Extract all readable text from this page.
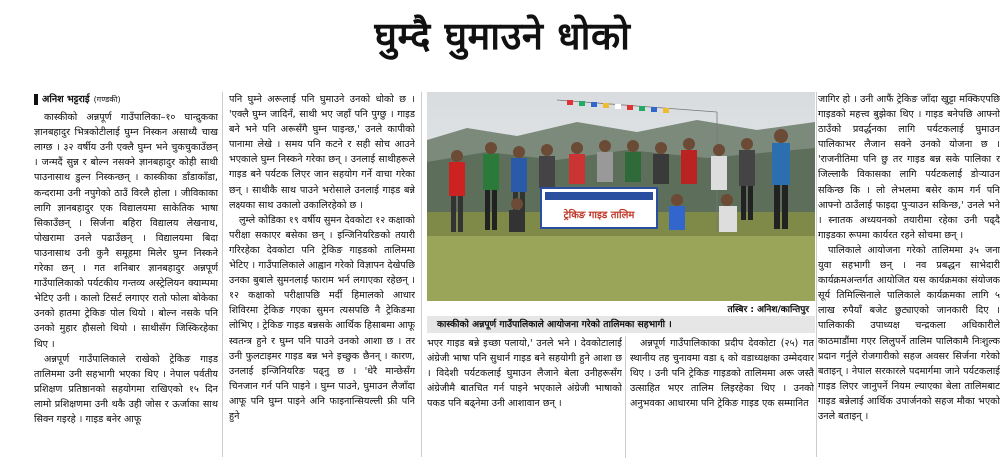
घुम्दै घुमाउने धोको
अनिश भट्टराई (गण्डकी)

कास्कीको अन्नपूर्ण गाउँपालिका–१० घान्द्रुकका ज्ञानबहादुर भित्रकोटीलाई घुम्न निस्कन असाध्यै चाख लाग्छ । ३२ वर्षीय उनी एक्लै घुम्न भने चुकचुकाउँछन् । जन्मदैं सुन्न र बोल्न नसक्ने ज्ञानबहादुर कोही साथी पाउनासाथ डुल्न निस्कन्छन् । कास्कीका डाँडाकाँडा, कन्दरामा उनी नपुगेको ठाउँ विरलै होला । जीविकाका लागि ज्ञानबहादुर एक विद्यालयमा साकेतिक भाषा सिकाउँछन् । सिर्जना बहिरा विद्यालय लेखनाथ, पोखरामा उनले पढाउँछन् । विद्यालयमा बिदा पाउनासाथ उनी कुनै समूहमा मिलेर घुम्न निस्कने गरेका छन् । गत शनिबार ज्ञानबहादुर अन्नपूर्ण गाउँपालिकाको पर्यटकीय गन्तव्य अस्ट्रेलियन क्याम्पमा भेटिए उनी । कालो टिसर्ट लगाएर रातो फोला बोकेका उनको हातमा ट्रेकिङ पोल थियो । बोल्न नसके पनि उनको मुहार हौसलो थियो । साथीसँग जिस्किरहेका थिए ।

अन्नपूर्ण गाउँपालिकाले राखेको ट्रेकिङ गाइड तालिममा उनी सहभागी भएका थिए । नेपाल पर्वतीय प्रशिक्षण प्रतिष्ठानको सहयोगमा राखिएको १५ दिन लामो प्रशिक्षणमा उनी थकै उही जोस र ऊर्जाका साथ सिक्न गइरहे । गाइड बनेर आफू

पनि घुम्ने अरूलाई पनि घुमाउने उनको धोको छ । 'एक्लै घुम्न जादिनँ, साथी भए जहाँ पनि पुग्छु । गाइड बने भने पनि अरूसँगै घुम्न पाइन्छ,' उनले कापीको पानामा लेखे । समय पनि कटने र सही सोच आउने भएकाले घुम्न निस्कने गरेका छन् । उनलाई साथीहरूले गाइड बने पर्यटक लिएर जान सहयोग गर्ने वाचा गरेका छन् । साथीकै साथ पाउने भरोसाले उनलाई गाइड बन्ने लक्ष्यका साथ उकालो उकालिरहेको छ ।

लुम्ले कोडिका १९ वर्षीय सुमन देवकोटा १२ कक्षाको परीक्षा सकाएर बसेका छन् । इन्जिनियरिङको तयारी गरिरहेका देवकोटा पनि ट्रेकिङ गाइडको तालिममा भेटिए । गाउँपालिकाले आह्वान गरेको विज्ञापन देखेपछि उनका बुबाले सुमनलाई फाराम भर्न लगाएका रहेछन् । १२ कक्षाको परीक्षापछि मर्दी हिमालको आधार शिविरमा ट्रेकिङ गएका सुमन त्यसपछि नै ट्रेकिङमा लोभिए । ट्रेकिङ गाइड बन्नसके आर्थिक हिसाबमा आफू स्वतन्त्र हुने र घुम्न पनि पाउने उनको आशा छ । तर उनी फुलटाइमर गाइड बन्न भने इच्छुक छैनन् । कारण, उनलाई इन्जिनियरिङ पढ्नु छ । 'धेरै मान्छेसँग चिनजान गर्न पनि पाइने । घुम्न पाउने, घुमाउन लैजाँदा आफू पनि घुम्न पाइने अनि फाइनान्सियल्ली फ्री पनि हुने

ट्रेकिङ गाइड तालिम
तस्बिर : अनिश/कान्तिपुर
कास्कीको अन्नपूर्ण गाउँपालिकाले आयोजना गरेको तालिमका सहभागी ।

भएर गाइड बन्ने इच्छा पलायो,' उनले भने । देवकोटालाई अंग्रेजी भाषा पनि सुधार्न गाइड बने सहयोगी हुने आशा छ । विदेशी पर्यटकलाई घुमाउन लैजाने बेला उनीहरूसँग अंग्रेजीमै बातचित गर्न पाइने भएकाले अंग्रेजी भाषाको पकड पनि बढ्नेमा उनी आशावान छन् ।

अन्नपूर्ण गाउँपालिकाका प्रदीप देवकोटा (२५) गत स्थानीय तह चुनावमा वडा ६ को वडाध्यक्षका उम्मेदवार थिए । उनी पनि ट्रेकिङ गाइडको तालिममा अरू जस्तै उत्साहित भएर तालिम लिइरहेका थिए । उनको अनुभवका आधारमा पनि ट्रेकिङ गाइड एक सम्मानित

जागिर हो । उनी आफैं ट्रेकिङ जाँदा खुट्टा मक्किएपछि गाइडको महत्त्व बुझेका थिए । गाइड बनेपछि आफ्नो ठाउँको प्रवर्द्धनका लागि पर्यटकलाई घुमाउन पालिकाभर लैजान सक्ने उनको योजना छ । 'राजनीतिमा पनि छु तर गाइड बन्न सके पालिका र जिल्लाकै विकासका लागि पर्यटकलाई डोऱ्याउन सकिन्छ कि । लो लेभलमा बसेर काम गर्न पनि आफ्नो ठाउँलाई फाइदा पुऱ्याउन सकिन्छ,' उनले भने । स्नातक अध्ययनको तयारीमा रहेका उनी पढ्दै गाइडका रूपमा कार्यरत रहने सोचमा छन् ।

पालिकाले आयोजना गरेको तालिममा ३५ जना युवा सहभागी छन् । नव प्रबद्धन साभेदारी कार्यक्रमअन्तर्गत आयोजित यस कार्यक्रमका संयोजक सूर्य तिमिल्सिनाले पालिकाले कार्यक्रमका लागि ५ लाख रुपैयाँ बजेट छुट्याएको जानकारी दिए । पालिकाकी उपाध्यक्ष चन्द्रकला अधिकारीले काठमाडौंमा गएर लिलुपर्ने तालिम पालिकामै निःशुल्क प्रदान गर्नुले रोजगारीको सहज अवसर सिर्जना गरेको बताइन् । नेपाल सरकारले पदमार्गमा जाने पर्यटकलाई गाइड लिएर जानुपर्ने नियम ल्याएका बेला तालिमबाट गाइड बन्नेलाई आर्थिक उपार्जनको सहज मौका भएको उनले बताइन् ।
